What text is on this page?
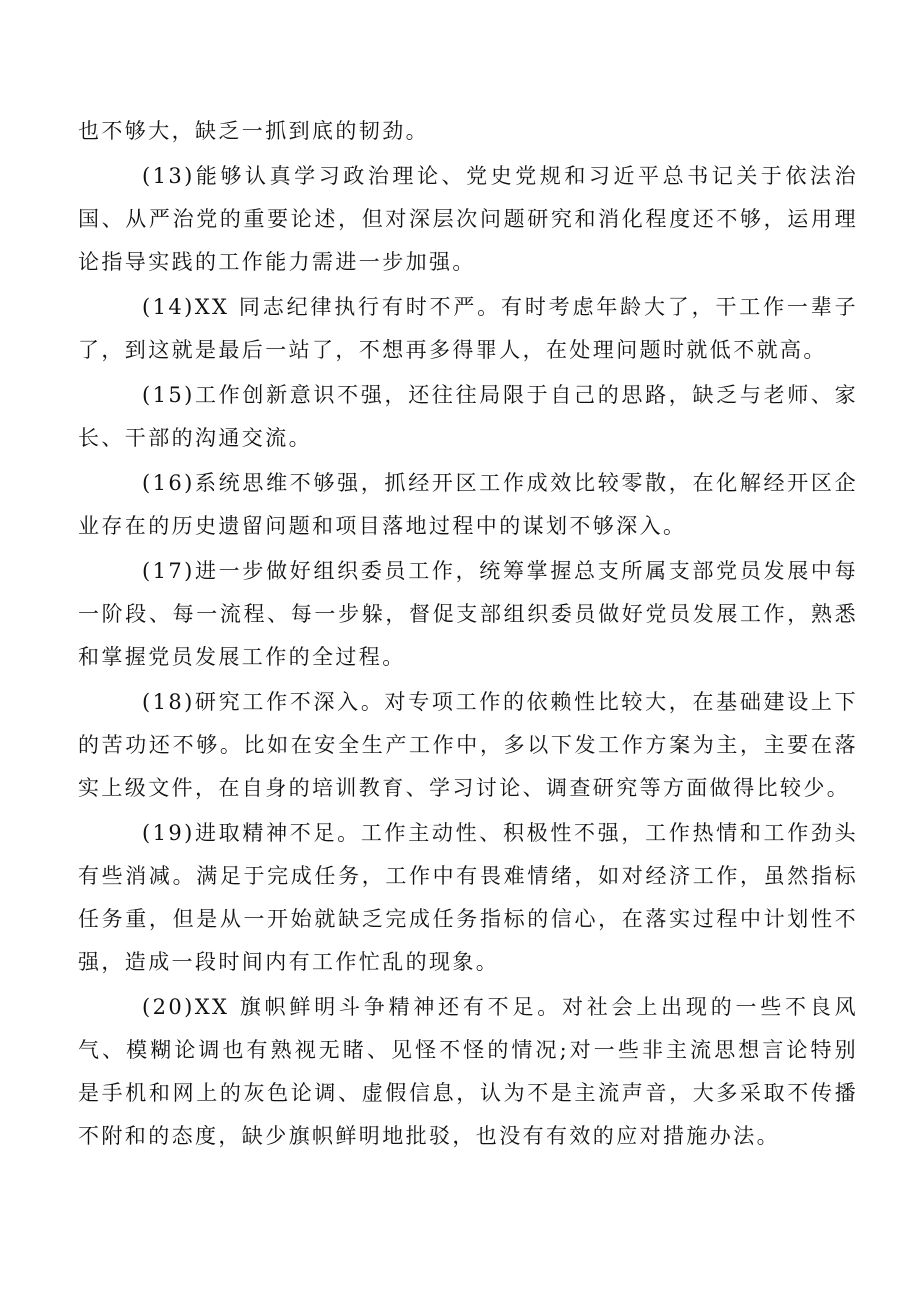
也不够大，缺乏一抓到底的韧劲。

(13)能够认真学习政治理论、党史党规和习近平总书记关于依法治国、从严治党的重要论述，但对深层次问题研究和消化程度还不够，运用理论指导实践的工作能力需进一步加强。

(14)XX 同志纪律执行有时不严。有时考虑年龄大了，干工作一辈子了，到这就是最后一站了，不想再多得罪人，在处理问题时就低不就高。

(15)工作创新意识不强，还往往局限于自己的思路，缺乏与老师、家长、干部的沟通交流。

(16)系统思维不够强，抓经开区工作成效比较零散，在化解经开区企业存在的历史遗留问题和项目落地过程中的谋划不够深入。

(17)进一步做好组织委员工作，统筹掌握总支所属支部党员发展中每一阶段、每一流程、每一步躲，督促支部组织委员做好党员发展工作，熟悉和掌握党员发展工作的全过程。

(18)研究工作不深入。对专项工作的依赖性比较大，在基础建设上下的苦功还不够。比如在安全生产工作中，多以下发工作方案为主，主要在落实上级文件，在自身的培训教育、学习讨论、调查研究等方面做得比较少。

(19)进取精神不足。工作主动性、积极性不强，工作热情和工作劲头有些消减。满足于完成任务，工作中有畏难情绪，如对经济工作，虽然指标任务重，但是从一开始就缺乏完成任务指标的信心，在落实过程中计划性不强，造成一段时间内有工作忙乱的现象。

(20)XX 旗帜鲜明斗争精神还有不足。对社会上出现的一些不良风气、模糊论调也有熟视无睹、见怪不怪的情况;对一些非主流思想言论特别是手机和网上的灰色论调、虚假信息，认为不是主流声音，大多采取不传播不附和的态度，缺少旗帜鲜明地批驳，也没有有效的应对措施办法。
